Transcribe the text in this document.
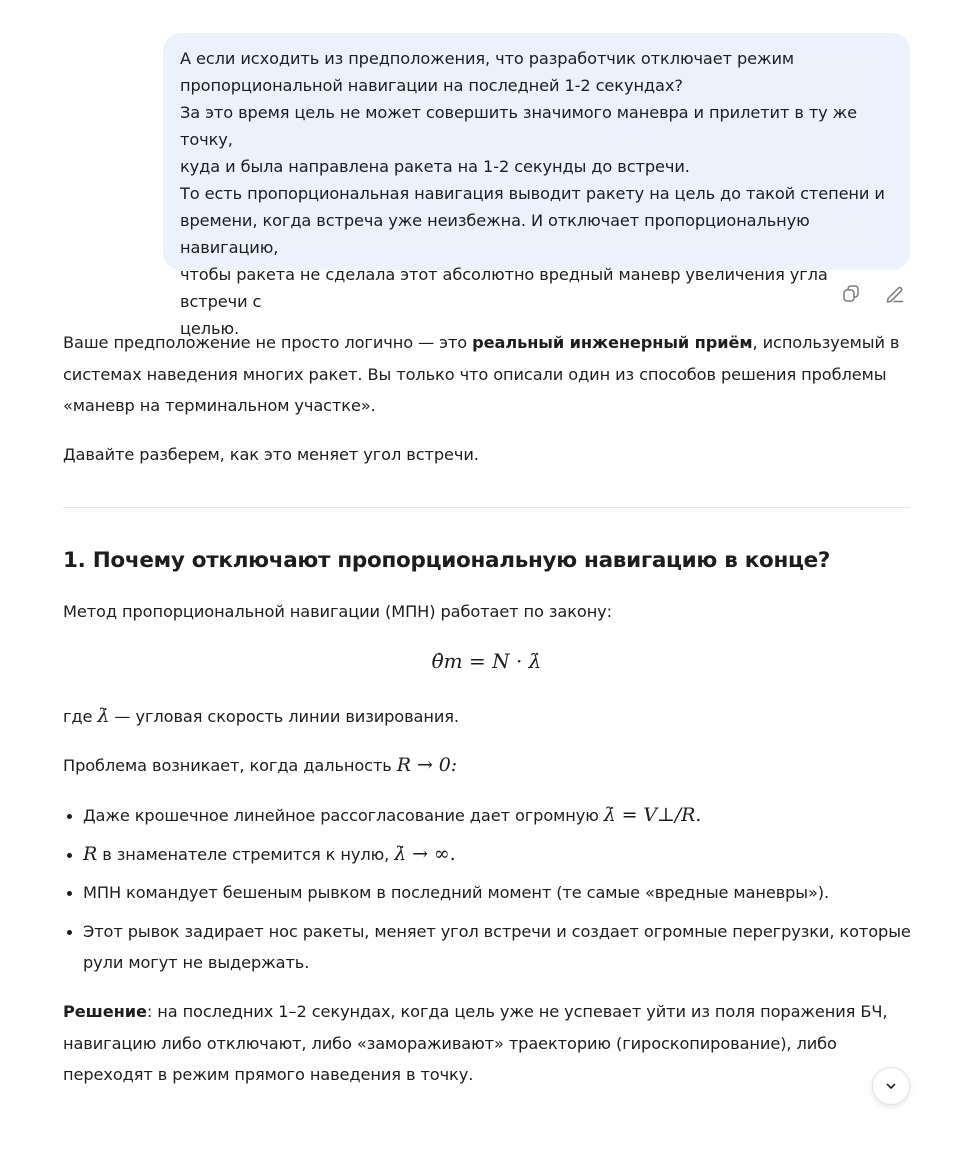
А если исходить из предположения, что разработчик отключает режим

пропорциональной навигации на последней 1-2 секундах?

За это время цель не может совершить значимого маневра и прилетит в ту же точку,

куда и была направлена ракета на 1-2 секунды до встречи.

То есть пропорциональная навигация выводит ракету на цель до такой степени и

времени, когда встреча уже неизбежна. И отключает пропорциональную навигацию,

чтобы ракета не сделала этот абсолютно вредный маневр увеличения угла встречи с

целью.

Ваше предположение не просто логично — это реальный инженерный приём, используемый в

системах наведения многих ракет. Вы только что описали один из способов решения проблемы

«маневр на терминальном участке».

Давайте разберем, как это меняет угол встречи.

1. Почему отключают пропорциональную навигацию в конце?

Метод пропорциональной навигации (МПН) работает по закону:

θ̇m = N · λ̇

где λ̇ — угловая скорость линии визирования.

Проблема возникает, когда дальность R → 0:

Даже крошечное линейное рассогласование дает огромную λ̇ = V⊥/R.
R в знаменателе стремится к нулю, λ̇ → ∞.
МПН командует бешеным рывком в последний момент (те самые «вредные маневры»).
Этот рывок задирает нос ракеты, меняет угол встречи и создает огромные перегрузки, которые
рули могут не выдержать.

Решение: на последних 1–2 секундах, когда цель уже не успевает уйти из поля поражения БЧ,

навигацию либо отключают, либо «замораживают» траекторию (гироскопирование), либо

переходят в режим прямого наведения в точку.
